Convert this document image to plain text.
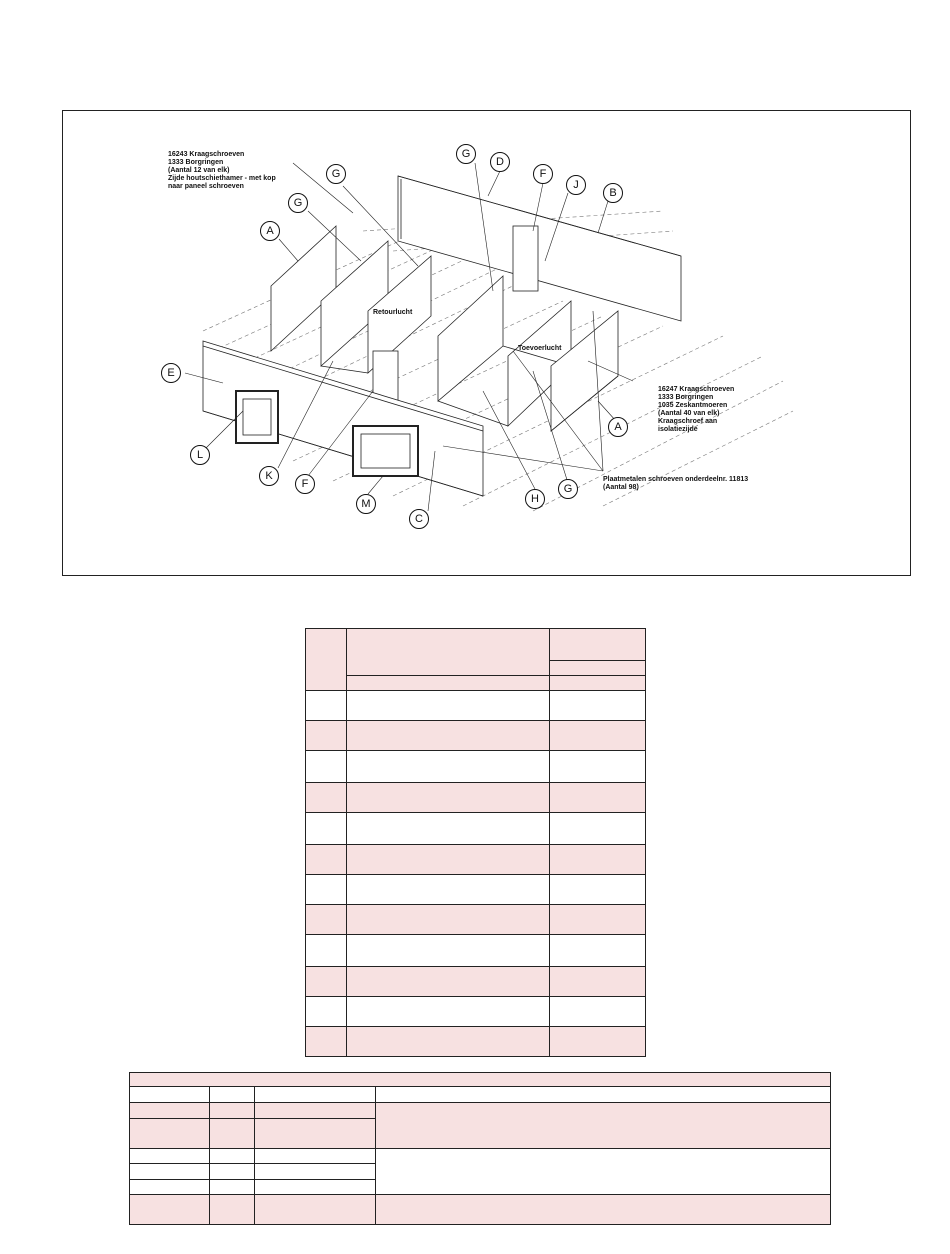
16243 Kraagschroeven
1333 Borgringen
(Aantal 12 van elk)
Zijde houtschiethamer - met kop
naar paneel schroeven
16247 Kraagschroeven
1333 Borgringen
1035 Zeskantmoeren
(Aantal 40 van elk)
Kraagschroef aan
isolatiezijde
Plaatmetalen schroeven onderdeelnr. 11813
(Aantal 98)
Retourlucht
Toevoerlucht
G
D
F
J
B
G
G
A
E
L
K
F
M
C
H
G
A
